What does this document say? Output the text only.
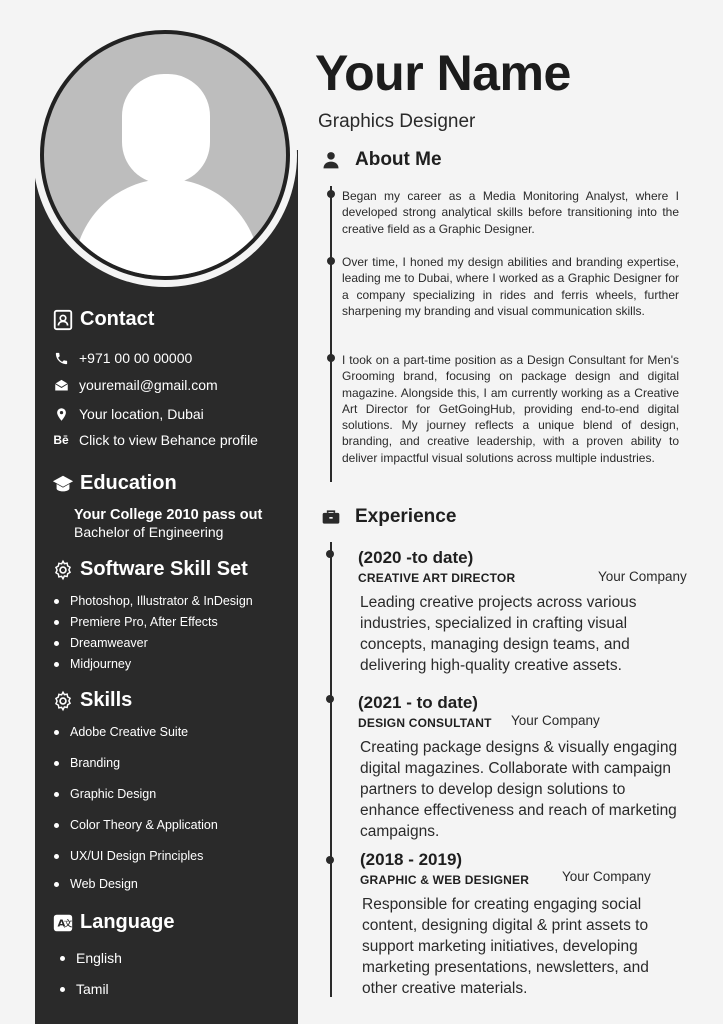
Contact
+971 00 00 00000
youremail@gmail.com
Your location, Dubai
Bē Click to view Behance profile
Education
Your College 2010 pass out
Bachelor of Engineering
Software Skill Set
Photoshop, Illustrator & InDesign
Premiere Pro, After Effects
Dreamweaver
Midjourney
Skills
Adobe Creative Suite
Branding
Graphic Design
Color Theory & Application
UX/UI Design Principles
Web Design
A
文 Language
English
Tamil
Your Name
Graphics Designer
About Me

Began my career as a Media Monitoring Analyst, where I developed strong analytical skills before transitioning into the creative field as a Graphic Designer.

Over time, I honed my design abilities and branding expertise, leading me to Dubai, where I worked as a Graphic Designer for a company specializing in rides and ferris wheels, further sharpening my branding and visual communication skills.

I took on a part-time position as a Design Consultant for Men's Grooming brand, focusing on package design and digital magazine. Alongside this, I am currently working as a Creative Art Director for GetGoingHub, providing end-to-end digital solutions. My journey reflects a unique blend of design, branding, and creative leadership, with a proven ability to deliver impactful visual solutions across multiple industries.

Experience
(2020 -to date)
CREATIVE ART DIRECTOR	Your Company

Leading creative projects across various industries, specialized in crafting visual concepts, managing design teams, and delivering high-quality creative assets.

(2021 - to date)
DESIGN CONSULTANT Your Company

Creating package designs & visually engaging digital magazines. Collaborate with campaign partners to develop design solutions to enhance effectiveness and reach of marketing campaigns.

(2018 - 2019)
GRAPHIC & WEB DESIGNER Your Company

Responsible for creating engaging social content, designing digital & print assets to support marketing initiatives, developing marketing presentations, newsletters, and other creative materials.
